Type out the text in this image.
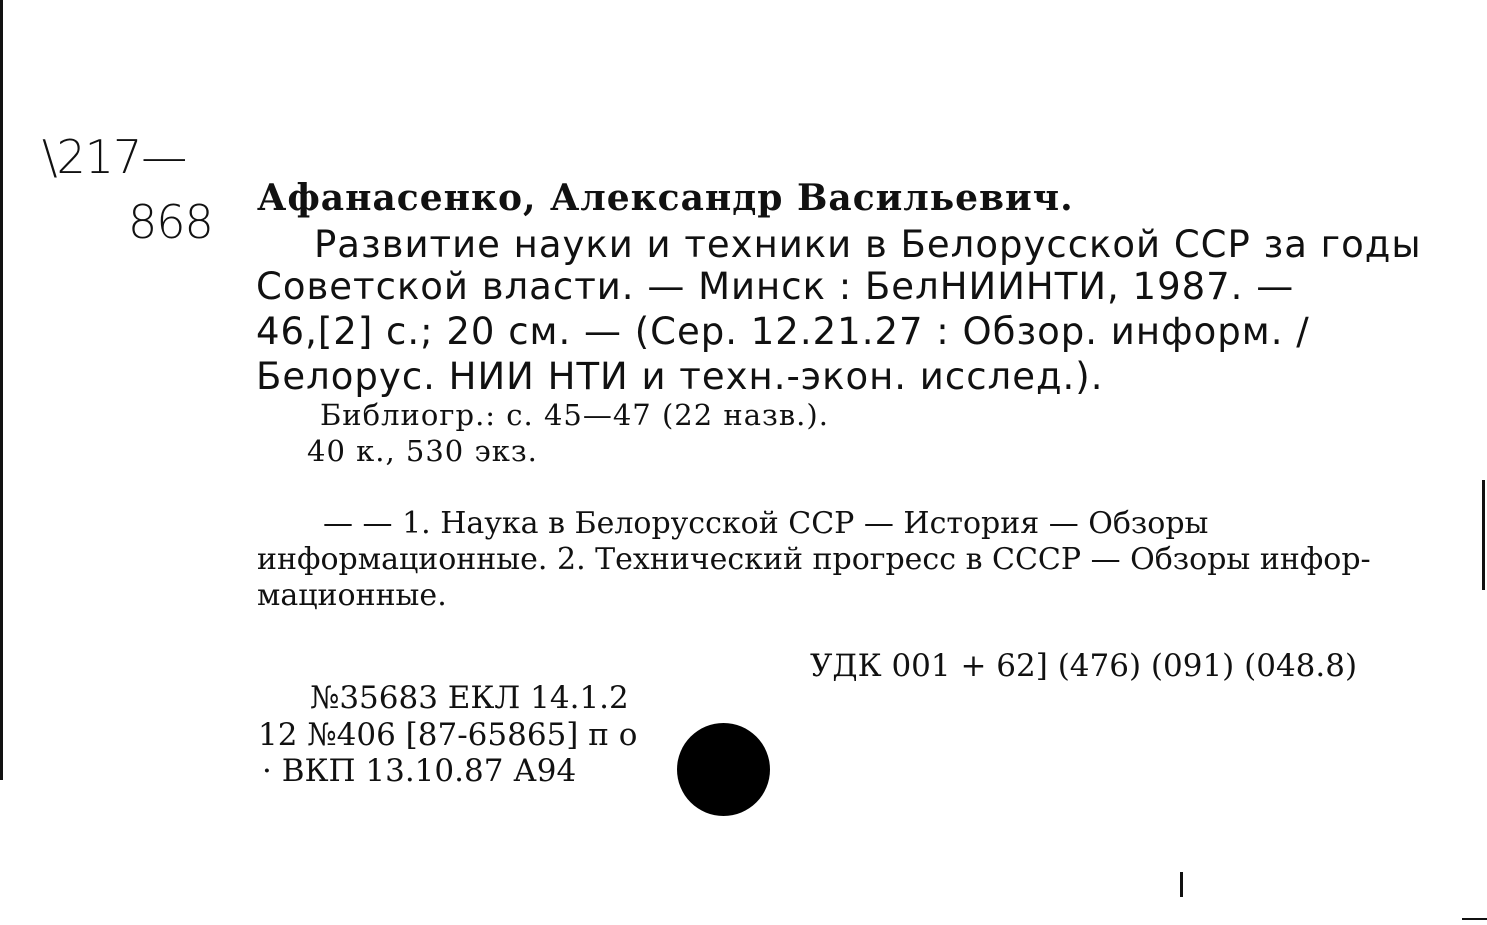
\217—
868 Афанасенко, Александр Васильевич.
Развитие науки и техники в Белорусской ССР за годы
Советской власти. — Минск : БелНИИНТИ, 1987. —
46,[2] с.; 20 см. — (Сер. 12.21.27 : Обзор. информ. /
Белорус. НИИ НТИ и техн.-экон. исслед.).
Библиогр.: с. 45—47 (22 назв.).
40 к., 530 экз.
— — 1. Наука в Белорусской ССР — История — Обзоры
информационные. 2. Технический прогресс в СССР — Обзоры инфор-
мационные.
УДК 001 + 62] (476) (091) (048.8)
№35683 ЕКЛ 14.1.2
12 №406 [87-65865] п о
· ВКП 13.10.87 А94
